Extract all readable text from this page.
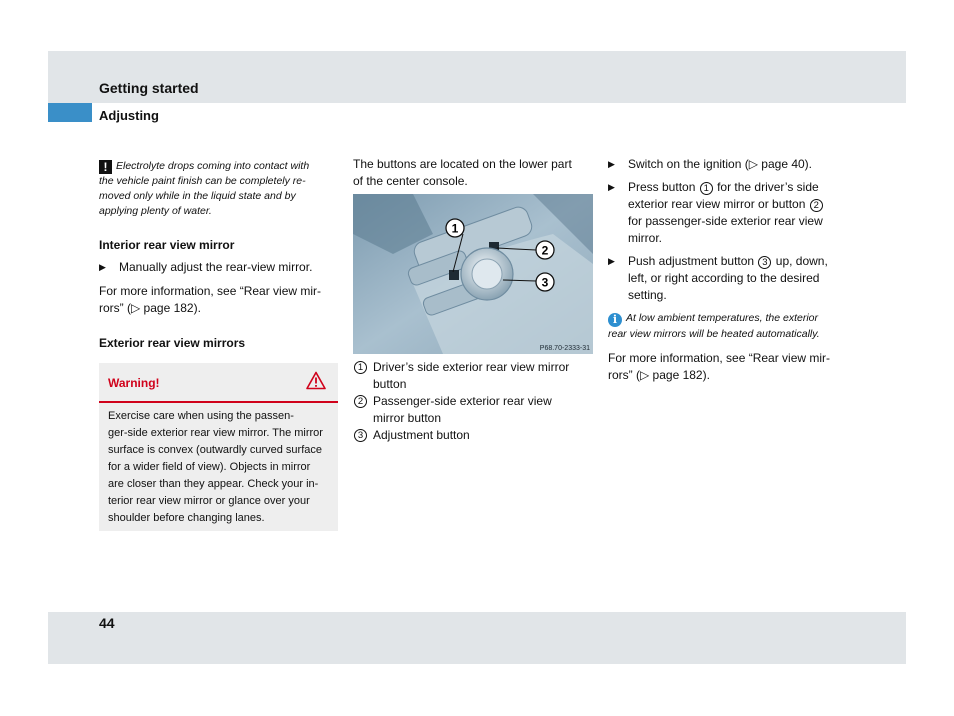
Getting started
Adjusting
! Electrolyte drops coming into contact with
the vehicle paint finish can be completely re-
moved only while in the liquid state and by
applying plenty of water.
Interior rear view mirror
▶ Manually adjust the rear-view mirror.

For more information, see “Rear view mir-
rors” (▷ page 182).

Exterior rear view mirrors
Warning!
Exercise care when using the passen-
ger-side exterior rear view mirror. The mirror
surface is convex (outwardly curved surface
for a wider field of view). Objects in mirror
are closer than they appear. Check your in-
terior rear view mirror or glance over your
shoulder before changing lanes.

The buttons are located on the lower part
of the center console.

1
2
3
P68.70-2333-31
1 Driver’s side exterior rear view mirror
button
2 Passenger-side exterior rear view
mirror button
3 Adjustment button
▶ Switch on the ignition (▷ page 40).
▶ Press button 1 for the driver’s side
exterior rear view mirror or button 2
for passenger-side exterior rear view
mirror.
▶ Push adjustment button 3 up, down,
left, or right according to the desired
setting.
i At low ambient temperatures, the exterior
rear view mirrors will be heated automatically.

For more information, see “Rear view mir-
rors” (▷ page 182).

44
